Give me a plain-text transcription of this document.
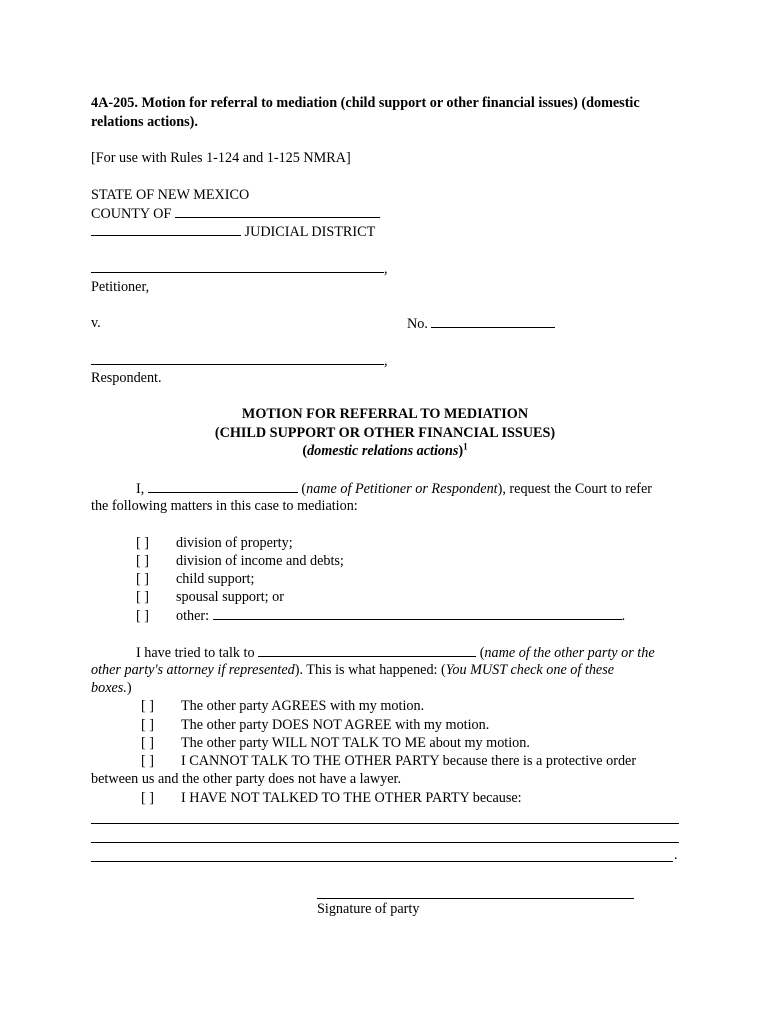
4A-205. Motion for referral to mediation (child support or other financial issues) (domestic
relations actions).
[For use with Rules 1-124 and 1-125 NMRA]
STATE OF NEW MEXICO
COUNTY OF
JUDICIAL DISTRICT
,
Petitioner,
v.	No.
,
Respondent.
MOTION FOR REFERRAL TO MEDIATION
(CHILD SUPPORT OR OTHER FINANCIAL ISSUES)
(domestic relations actions)$^1$
I,	(name of Petitioner or Respondent), request the Court to refer
the following matters in this case to mediation:
[ ] division of property;
[ ] division of income and debts;
[ ] child support;
[ ] spousal support; or
[ ] other:	.
I have tried to talk to	(name of the other party or the
other party's attorney if represented). This is what happened: (You MUST check one of these
boxes.)
[ ] The other party AGREES with my motion.
[ ] The other party DOES NOT AGREE with my motion.
[ ] The other party WILL NOT TALK TO ME about my motion.
[ ] I CANNOT TALK TO THE OTHER PARTY because there is a protective order
between us and the other party does not have a lawyer.
[ ] I HAVE NOT TALKED TO THE OTHER PARTY because:
.
Signature of party
